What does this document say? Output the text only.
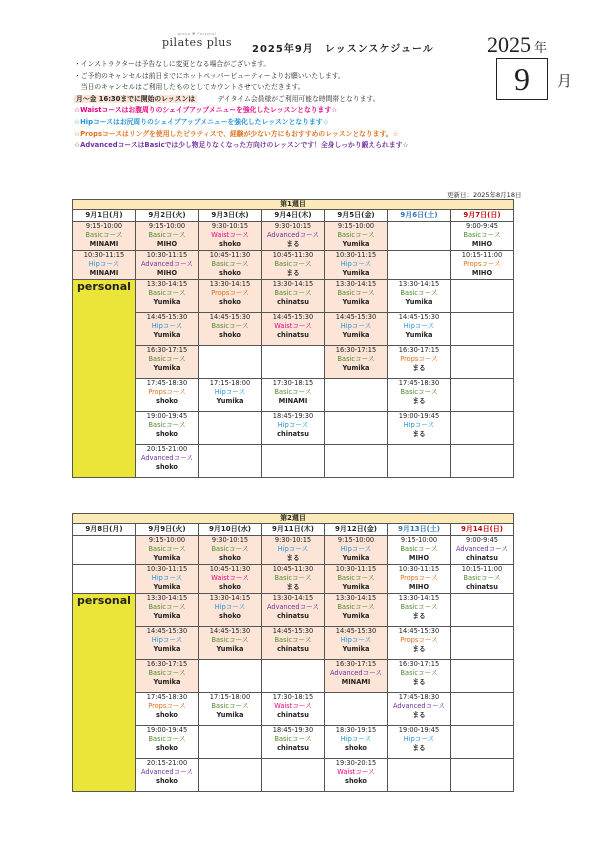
group ♥ Personal
pilates plus
2025年9月　レッスンスケジュール 2025 年
9	月
・インストラクターは予告なしに変更となる場合がございます。
・ご予約のキャンセルは前日までにホットペッパービューティーよりお願いいたします。
　当日のキャンセルはご利用したものとしてカウントさせていただきます。
月～金 16:30までに開始のレッスンは　　　デイタイム会員様がご利用可能な時間帯となります。
☆Waistコースはお腹周りのシェイプアップメニューを強化したレッスンとなります☆
☆Hipコースはお尻周りのシェイプアップメニューを強化したレッスンとなります☆
☆Propsコースはリングを使用したピラティスで、経験が少ない方にもおすすめのレッスンとなります。☆
☆AdvancedコースはBasicでは少し物足りなくなった方向けのレッスンです！全身しっかり鍛えられます☆
更新日：2025年8月18日
第1週目						
9月1日(月)	9月2日(火)	9月3日(水)	9月4日(木)	9月5日(金)	9月6日(土)	9月7日(日)

9:15-10:00
Basicコース
MINAMI	9:15-10:00
Basicコース
MIHO	9:30-10:15
Waistコース
shoko	9:30-10:15
Advancedコース
まる	9:15-10:00
Basicコース
Yumika		9:00-9:45
Basicコース
MIHO

10:30-11:15
Hipコース
MINAMI	10:30-11:15
Advancedコース
MIHO	10:45-11:30
Basicコース
shoko	10:45-11:30
Basicコース
まる	10:30-11:15
Hipコース
Yumika		10:15-11:00
Propsコース
MIHO

personal	13:30-14:15
Basicコース
Yumika	13:30-14:15
Propsコース
shoko	13:30-14:15
Basicコース
chinatsu	13:30-14:15
Basicコース
Yumika	13:30-14:15
Basicコース
Yumika	

	14:45-15:30
Hipコース
Yumika	14:45-15:30
Basicコース
shoko	14:45-15:30
Waistコース
chinatsu	14:45-15:30
Hipコース
Yumika	14:45-15:30
Hipコース
Yumika	

	16:30-17:15
Basicコース
Yumika			16:30-17:15
Basicコース
Yumika	16:30-17:15
Propsコース
まる	

	17:45-18:30
Propsコース
shoko	17:15-18:00
Hipコース
Yumika	17:30-18:15
Basicコース
MINAMI		17:45-18:30
Basicコース
まる	

	19:00-19:45
Basicコース
shoko		18:45-19:30
Hipコース
chinatsu		19:00-19:45
Hipコース
まる	

	20:15-21:00
Advancedコース
shoko					

第2週目						
9月8日(月)	9月9日(火)	9月10日(水)	9月11日(木)	9月12日(金)	9月13日(土)	9月14日(日)

	9:15-10:00
Basicコース
Yumika	9:30-10:15
Basicコース
shoko	9:30-10:15
Hipコース
まる	9:15-10:00
Hipコース
Yumika	9:15-10:00
Basicコース
MIHO	9:00-9:45
Advancedコース
chinatsu

	10:30-11:15
Hipコース
Yumika	10:45-11:30
Waistコース
shoko	10:45-11:30
Basicコース
まる	10:30-11:15
Basicコース
Yumika	10:30-11:15
Propsコース
MIHO	10:15-11:00
Basicコース
chinatsu

personal	13:30-14:15
Basicコース
Yumika	13:30-14:15
Hipコース
shoko	13:30-14:15
Advancedコース
chinatsu	13:30-14:15
Basicコース
Yumika	13:30-14:15
Basicコース
まる	

	14:45-15:30
Hipコース
Yumika	14:45-15:30
Basicコース
Yumika	14:45-15:30
Basicコース
chinatsu	14:45-15:30
Hipコース
Yumika	14:45-15:30
Propsコース
まる	

	16:30-17:15
Basicコース
Yumika			16:30-17:15
Advancedコース
MINAMI	16:30-17:15
Basicコース
まる	

	17:45-18:30
Propsコース
shoko	17:15-18:00
Basicコース
Yumika	17:30-18:15
Waistコース
chinatsu		17:45-18:30
Advancedコース
まる	

	19:00-19:45
Basicコース
shoko		18:45-19:30
Basicコース
chinatsu	18:30-19:15
Hipコース
shoko	19:00-19:45
Hipコース
まる	

	20:15-21:00
Advancedコース
shoko			19:30-20:15
Waistコース
shoko		
